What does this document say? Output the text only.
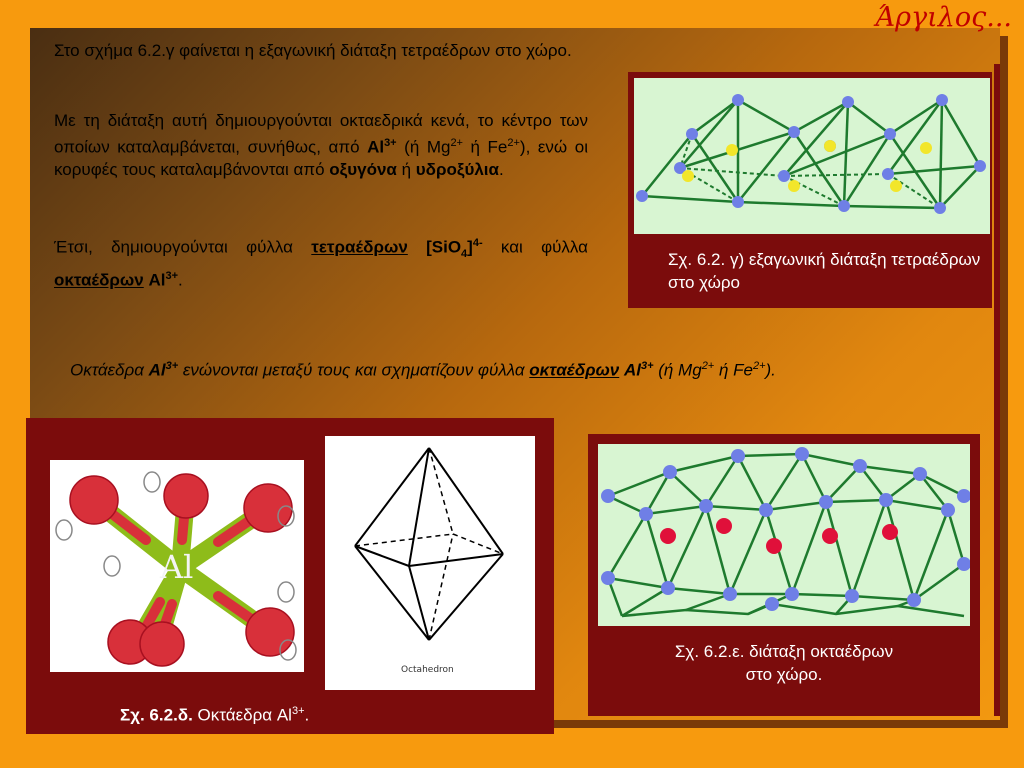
Άργιλος...

Στο σχήμα 6.2.γ φαίνεται η εξαγωνική διάταξη τετραέδρων στο χώρο.

Με τη διάταξη αυτή δημιουργούνται οκταεδρικά κενά, το κέντρο των οποίων καταλαμβάνεται, συνήθως, από $Al^{3+}$ (ή $Mg^{2+}$ ή $Fe^{2+}$), ενώ οι κορυφές τους καταλαμβάνονται από οξυγόνα ή υδροξύλια.

Έτσι, δημιουργούνται φύλλα τετραέδρων $[SiO_4]^{4-}$ και φύλλα οκταέδρων $Al^{3+}$.

Οκτάεδρα $Al^{3+}$ ενώνονται μεταξύ τους και σχηματίζουν φύλλα οκταέδρων $Al^{3+}$ (ή $Mg^{2+}$ ή $Fe^{2+}$).

Σχ. 6.2. γ) εξαγωνική διάταξη τετραέδρων στο χώρο
Al
Octahedron
Σχ. 6.2.δ. Οκτάεδρα $Al^{3+}$.
Σχ. 6.2.ε. διάταξη οκταέδρων
στο χώρο.
